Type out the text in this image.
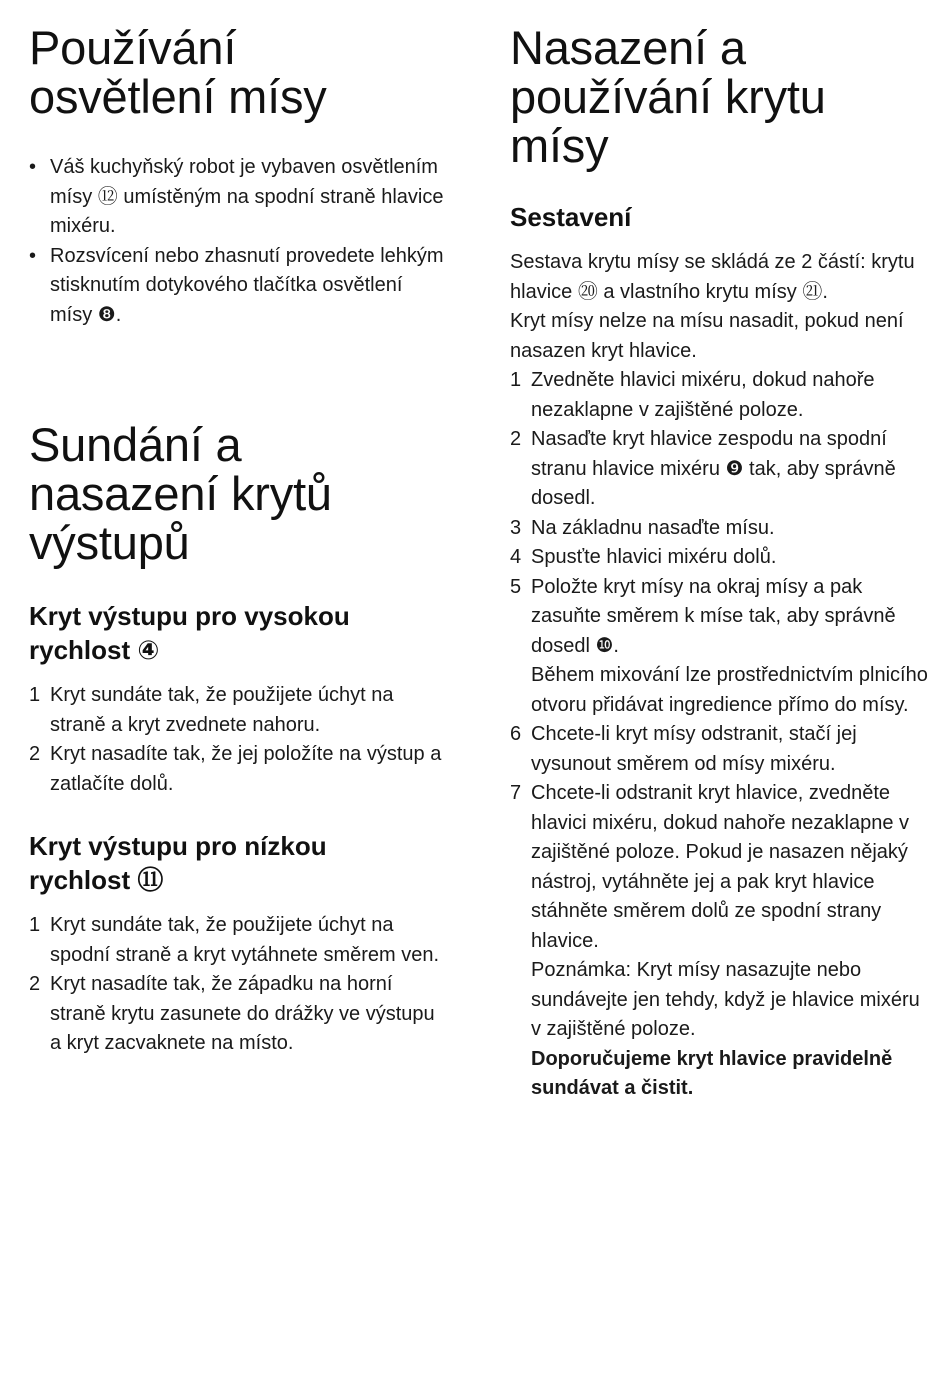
Používání
osvětlení mísy
• Váš kuchyňský robot je vybaven osvětlením mísy ⑫ umístěným na spodní straně hlavice mixéru.
• Rozsvícení nebo zhasnutí provedete lehkým stisknutím dotykového tlačítka osvětlení mísy ❽.
Sundání a
nasazení krytů
výstupů
Kryt výstupu pro vysokou
rychlost ④
1 Kryt sundáte tak, že použijete úchyt na straně a kryt zvednete nahoru.
2 Kryt nasadíte tak, že jej položíte na výstup a zatlačíte dolů.
Kryt výstupu pro nízkou
rychlost ⑪
1 Kryt sundáte tak, že použijete úchyt na spodní straně a kryt vytáhnete směrem ven.
2 Kryt nasadíte tak, že západku na horní straně krytu zasunete do drážky ve výstupu a kryt zacvaknete na místo.
Nasazení a
používání krytu
mísy
Sestavení

Sestava krytu mísy se skládá ze 2 částí: krytu hlavice ⑳ a vlastního krytu mísy ㉑.

Kryt mísy nelze na mísu nasadit, pokud není nasazen kryt hlavice.

1 Zvedněte hlavici mixéru, dokud nahoře nezaklapne v zajištěné poloze.
2 Nasaďte kryt hlavice zespodu na spodní stranu hlavice mixéru ❾ tak, aby správně dosedl.
3 Na základnu nasaďte mísu.
4 Spusťte hlavici mixéru dolů.
5 Položte kryt mísy na okraj mísy a pak zasuňte směrem k míse tak, aby správně dosedl ❿.
Během mixování lze prostřednictvím plnicího otvoru přidávat ingredience přímo do mísy.
6 Chcete-li kryt mísy odstranit, stačí jej vysunout směrem od mísy mixéru.
7 Chcete-li odstranit kryt hlavice, zvedněte hlavici mixéru, dokud nahoře nezaklapne v zajištěné poloze. Pokud je nasazen nějaký nástroj, vytáhněte jej a pak kryt hlavice stáhněte směrem dolů ze spodní strany hlavice.
Poznámka: Kryt mísy nasazujte nebo sundávejte jen tehdy, když je hlavice mixéru v zajištěné poloze.
Doporučujeme kryt hlavice pravidelně sundávat a čistit.
